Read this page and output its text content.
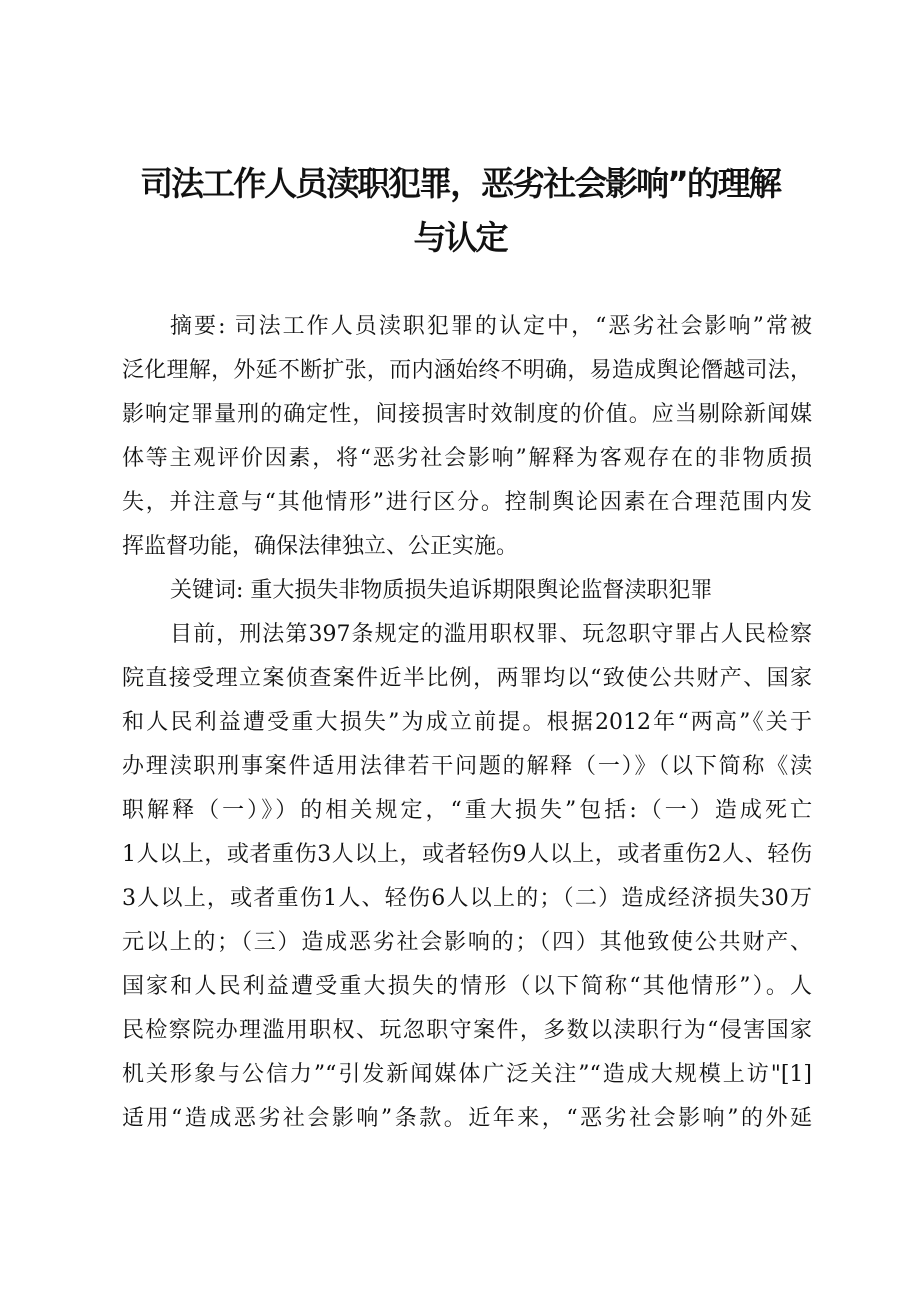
司法工作人员渎职犯罪，恶劣社会影响”的理解
与认定
摘要: 司法工作人员渎职犯罪的认定中，“恶劣社会影响”常被
泛化理解，外延不断扩张，而内涵始终不明确，易造成舆论僭越司法，
影响定罪量刑的确定性，间接损害时效制度的价值。应当剔除新闻媒
体等主观评价因素，将“恶劣社会影响”解释为客观存在的非物质损
失，并注意与“其他情形”进行区分。控制舆论因素在合理范围内发
挥监督功能，确保法律独立、公正实施。
关键词: 重大损失非物质损失追诉期限舆论监督渎职犯罪
目前，刑法第397条规定的滥用职权罪、玩忽职守罪占人民检察
院直接受理立案侦查案件近半比例，两罪均以“致使公共财产、国家
和人民利益遭受重大损失”为成立前提。根据2012年“两高”《关于
办理渎职刑事案件适用法律若干问题的解释（一）》（以下简称《渎
职解释（一）》）的相关规定，“重大损失”包括:（一）造成死亡
1人以上，或者重伤3人以上，或者轻伤9人以上，或者重伤2人、轻伤
3人以上，或者重伤1人、轻伤6人以上的；（二）造成经济损失30万
元以上的；（三）造成恶劣社会影响的；（四）其他致使公共财产、
国家和人民利益遭受重大损失的情形（以下简称“其他情形”）。人
民检察院办理滥用职权、玩忽职守案件，多数以渎职行为“侵害国家
机关形象与公信力”“引发新闻媒体广泛关注”“造成大规模上访"[1]
适用“造成恶劣社会影响”条款。近年来，“恶劣社会影响”的外延
